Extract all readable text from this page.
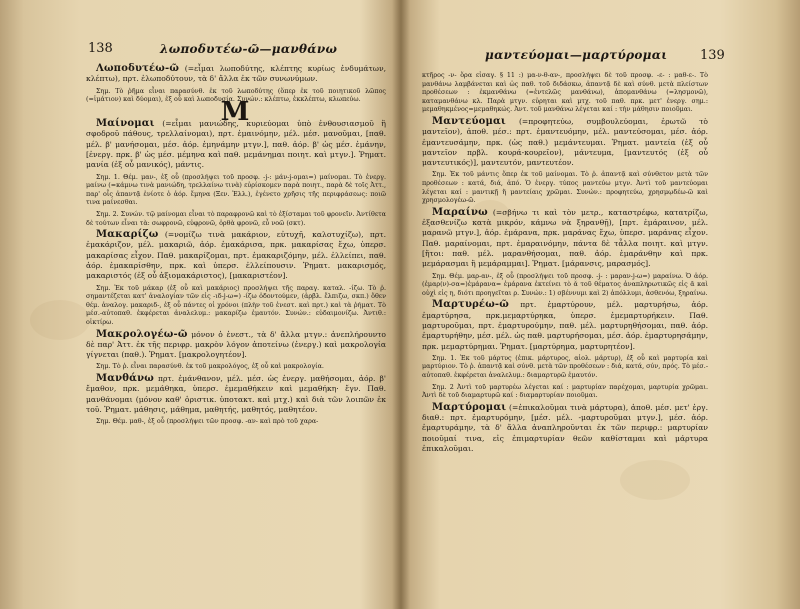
138	λωποδυτέω-ῶ—μανθάνω

Λωποδυτέω-ῶ (=εἶμαι λωποδύτης, κλέπτης κυρίως ἐνδυμάτων, κλέπτω), πρτ. ἐλωποδύτουν, τὰ δ' ἄλλα ἐκ τῶν συνωνύμων.

Σημ. Τὸ ῥῆμα εἶναι παρασύνθ. ἐκ τοῦ λωποδύτης (ὅπερ ἐκ τοῦ ποιητικοῦ λῶπος (=ἱμάτιον) καὶ δύομαι), ἐξ οὗ καὶ λωποδυσία. Συνών.: κλέπτω, ἐκκλέπτω, κλωπεύω.

Μ

Μαίνομαι (=εἶμαι μανιώδης, κυριεύομαι ὑπὸ ἐνθουσιασμοῦ ἢ σφοδροῦ πάθους, τρελλαίνομαι), πρτ. ἐμαινόμην, μέλ. μέσ. μανοῦμαι, [παθ. μέλ. β' μανήσομαι, μέσ. ἀόρ. ἐμηνάμην μτγν.], παθ. ἀόρ. β' ὡς μέσ. ἐμάνην, [ἐνεργ. πρκ. β' ὡς μέσ. μέμηνα καὶ παθ. μεμάνημαι ποιητ. καὶ μτγν.]. Ῥηματ. μανία (ἐξ οὗ μανικός), μάντις.

Σημ. 1. Θέμ. μαν-, ἐξ οὗ (προσλήψει τοῦ προσφ. -j-: μάν-j-ομαι=) μαίνομαι. Τὸ ἐνεργ. μαίνω (=κάμνω τινὰ μανιώδη, τρελλαίνω τινὰ) εὑρίσκομεν παρὰ ποιητ., παρὰ δὲ τοῖς Ἀττ., παρ' οἷς ἀπαντᾷ ἐνίοτε ὁ ἀόρ. ἔμηνα (Ξεν. Ἑλλ.), ἐγένετο χρῆσις τῆς περιφράσεως: ποιῶ τινα μαίνεσθαι.

Σημ. 2. Συνών. τῷ μαίνομαι εἶναι τὸ παραφρονῶ καὶ τὸ ἐξίσταμαι τοῦ φρονεῖν. Ἀντίθετα δὲ τούτων εἶναι τὰ: σωφρονῶ, εὐφρονῶ, ὀρθὰ φρονῶ, εὖ νοῶ (σκτ).

Μακαρίζω (=νομίζω τινὰ μακάριον, εὐτυχῆ, καλοτυχίζω), πρτ. ἐμακάριζον, μέλ. μακαριῶ, ἀόρ. ἐμακάρισα, πρκ. μακαρίσας ἔχω, ὑπερσ. μακαρίσας εἶχον. Παθ. μακαρίζομαι, πρτ. ἐμακαριζόμην, μέλ. ἐλλείπει, παθ. ἀόρ. ἐμακαρίσθην, πρκ. καὶ ὑπερσ. ἐλλείπουσιν. Ῥηματ. μακαρισμός, μακαριστός (ἐξ οὗ ἀξιομακάριστος), [μακαριστέον].

Σημ. Ἐκ τοῦ μάκαρ (ἐξ οὗ καὶ μακάριος) προσλήψει τῆς παραγ. καταλ. -ίζω. Τὸ ῥ. σημαντέζεται κατ' ἀναλογίαν τῶν εἰς -ιδ-j-ω=) -ίζω ὀδοντούμεν, (ἀρβλ. ἔλπιζω, σκπ.) ὅθεν θέμ. ἀναλογ. μακαριδ-, ἐξ οὗ πάντες οἱ χρόνοι (πλὴν τοῦ ἐνεστ. καὶ πρτ.) καὶ τὰ ῥήματ. Τὸ μέσ.-αὐτοπαθ. ἐκφέρεται ἀναλελυμ.: μακαρίζω ἐμαυτόν. Συνών.: εὐδαιμονίζω. Ἀντιθ.: οἰκτίρω.

Μακρολογέω-ῶ μόνον ὁ ἐνεστ., τὰ δ' ἄλλα μτγν.: ἀνεπλήρουντο δὲ παρ' Ἀττ. ἐκ τῆς περιφρ. μακρὸν λόγον ἀποτείνω (ἐνεργ.) καὶ μακρολογία γίγνεται (παθ.). Ῥηματ. [μακρολογητέον].

Σημ. Τὸ ῥ. εἶναι παρασύνθ. ἐκ τοῦ μακρολόγος, ἐξ οὗ καὶ μακρολογία.

Μανθάνω πρτ. ἐμάνθανον, μέλ. μέσ. ὡς ἐνεργ. μαθήσομαι, ἀόρ. β' ἔμαθον, πρκ. μεμάθηκα, ὑπερσ. ἐμεμαθήκειν καὶ μεμαθήκη· ἔγν. Παθ. μανθάνομαι (μόνον καθ' ὁριστικ. ὑποτακτ. καὶ μτχ.) καὶ διὰ τῶν λοιπῶν ἐκ τοῦ. Ῥηματ. μάθησις, μάθημα, μαθητής, μαθητός, μαθητέον.

Σημ. Θέμ. μαθ-, ἐξ οὗ (προσλήψει τῶν προσφ. -αν- καὶ πρὸ τοῦ χαρα-

μαντεύομαι—μαρτύρομαι	139

κτῆρος -ν- ὅρα εἰσαγ. § 11 :) μα-ν-θ-αν-, προσλήψει δὲ τοῦ προσφ. -ε- : μαθ-ε-. Τὸ μανθάνω λαμβάνεται καὶ ὡς παθ. τοῦ διδάσκω, ἀπαντᾷ δὲ καὶ σύνθ. μετὰ πλείστων προθέσεων : ἐκμανθάνω (=ἐντελῶς μανθάνω), ἀπομανθάνω (=λησμονῶ), καταμανθάνω κλ. Παρὰ μτγν. εὑρηται καὶ μτχ. τοῦ παθ. πρκ. μετ' ἐνεργ. σημ.: μεμαθηκμένος=μεμαθηκώς. Ἀντ. τοῦ μανθάνω λέγεται καί : τὴν μάθησιν ποιοῦμαι.

Μαντεύομαι (=προφητεύω, συμβουλεύομαι, ἐρωτῶ τὸ μαντεῖον), ἀποθ. μέσ.: πρτ. ἐμαντευόμην, μέλ. μαντεύσομαι, μέσ. ἀόρ. ἐμαντευσάμην, πρκ. (ὡς παθ.) μεμάντευμαι. Ῥηματ. μαντεία (ἐξ οὗ μαντεῖον πρβλ. κουρά-κουρεῖον), μάντευμα, [μαντευτός (ἐξ οὗ μαντευτικός)], μαντευτόν, μαντευτέον.

Σημ. Ἐκ τοῦ μάντις ὅπερ ἐκ τοῦ μαίνομαι. Τὸ ῥ. ἀπαντᾷ καὶ σύνθετον μετὰ τῶν προθέσεων : κατά, διά, ἀπό. Ὁ ἐνεργ. τύπος μαντεύω μτγν. Ἀντὶ τοῦ μαντεύομαι λέγεται καί : μαντικῇ ἢ μαντείαις χρῶμαι. Συνών.: προφητεύω, χρησμῳδέω-ῶ καὶ χρησμολογέω-ῶ.

Μαραίνω (=σβήνω τι καὶ τὸν μετρ., καταστρέφω, κατατρίζω, ἐξασθενίζω κατὰ μικρόν, κάμνω νὰ ξηρανθῇ), [πρτ. ἐμάραινον, μέλ. μαρανῶ μτγν.], ἀόρ. ἐμάρανα, πρκ. μαράνας ἔχω, ὑπερσ. μαράνας εἶχον. Παθ. μαραίνομαι, πρτ. ἐμαραινόμην, πάντα δὲ τἆλλα ποιητ. καὶ μτγν. [ἤτοι: παθ. μέλ. μαρανθήσομαι, παθ. ἀόρ. ἐμαράνθην καὶ πρκ. μεμάρασμαι ἢ μεμάραμμαι]. Ῥηματ. [μάρανσις, μαρασμός].

Σημ. Θέμ. μαρ-αν-, ἐξ οὗ (προσλήψει τοῦ προσφ. -j- : μαραν-j-ω=) μαραίνω. Ὁ ἀόρ. (ἐμαρ(ν)-σα=)ἐμάρανα= ἐμάρανα ἐκτείνει τὸ ᾰ τοῦ θέματος ἀναπληρωτικῶς εἰς ᾱ καὶ οὐχὶ εἰς η, διότι προηγεῖται ρ. Συνών.: 1) σβέννυμι καὶ 2) ἀπόλλυμι, ἀσθενόω, ξηραίνω.

Μαρτυρέω-ῶ πρτ. ἐμαρτύρουν, μέλ. μαρτυρήσω, ἀόρ. ἐμαρτύρησα, πρκ.μεμαρτύρηκα, ὑπερσ. ἐμεμαρτυρήκειν. Παθ. μαρτυροῦμαι, πρτ. ἐμαρτυρούμην, παθ. μέλ. μαρτυρηθήσομαι, παθ. ἀόρ. ἐμαρτυρήθην, μέσ. μέλ. ὡς παθ. μαρτυρήσομαι, μέσ. ἀόρ. ἐμαρτυρησάμην, πρκ. μεμαρτύρημαι. Ῥηματ. [μαρτύρημα, μαρτυρητέον].

Σημ. 1. Ἐκ τοῦ μάρτυς (ἐπικ. μάρτυρος, αἰολ. μάρτυρ), ἐξ οὗ καὶ μαρτυρία καὶ μαρτύριον. Τὸ ῥ. ἀπαντᾷ καὶ σύνθ. μετὰ τῶν προθέσεων : διά, κατά, σύν, πρός. Τὸ μέσ.-αὐτοπαθ. ἐκφέρεται ἀναλελυμ.: διαμαρτυρῶ ἐμαυτόν.

Σημ. 2 Ἀντὶ τοῦ μαρτυρέω λέγεται καί : μαρτυρίαν παρέχομαι, μαρτυρία χρῶμαι. Ἀντὶ δὲ τοῦ διαμαρτυρῶ καί : διαμαρτυρίαν ποιοῦμαι.

Μαρτύρομαι (=ἐπικαλοῦμαι τινὰ μάρτυρα), ἀποθ. μέσ. μετ' ἐργ. διαθ.: πρτ. ἐμαρτυρόμην, [μέσ. μέλ. -μαρτυροῦμαι μτγν.], μέσ. ἀόρ. ἐμαρτυράμην, τὰ δ' ἄλλα ἀναπληροῦνται ἐκ τῶν περιφρ.: μαρτυρίαν ποιοῦμαί τινα, εἰς ἐπιμαρτυρίαν θεῶν καθίσταμαι καὶ μάρτυρα ἐπικαλοῦμαι.
